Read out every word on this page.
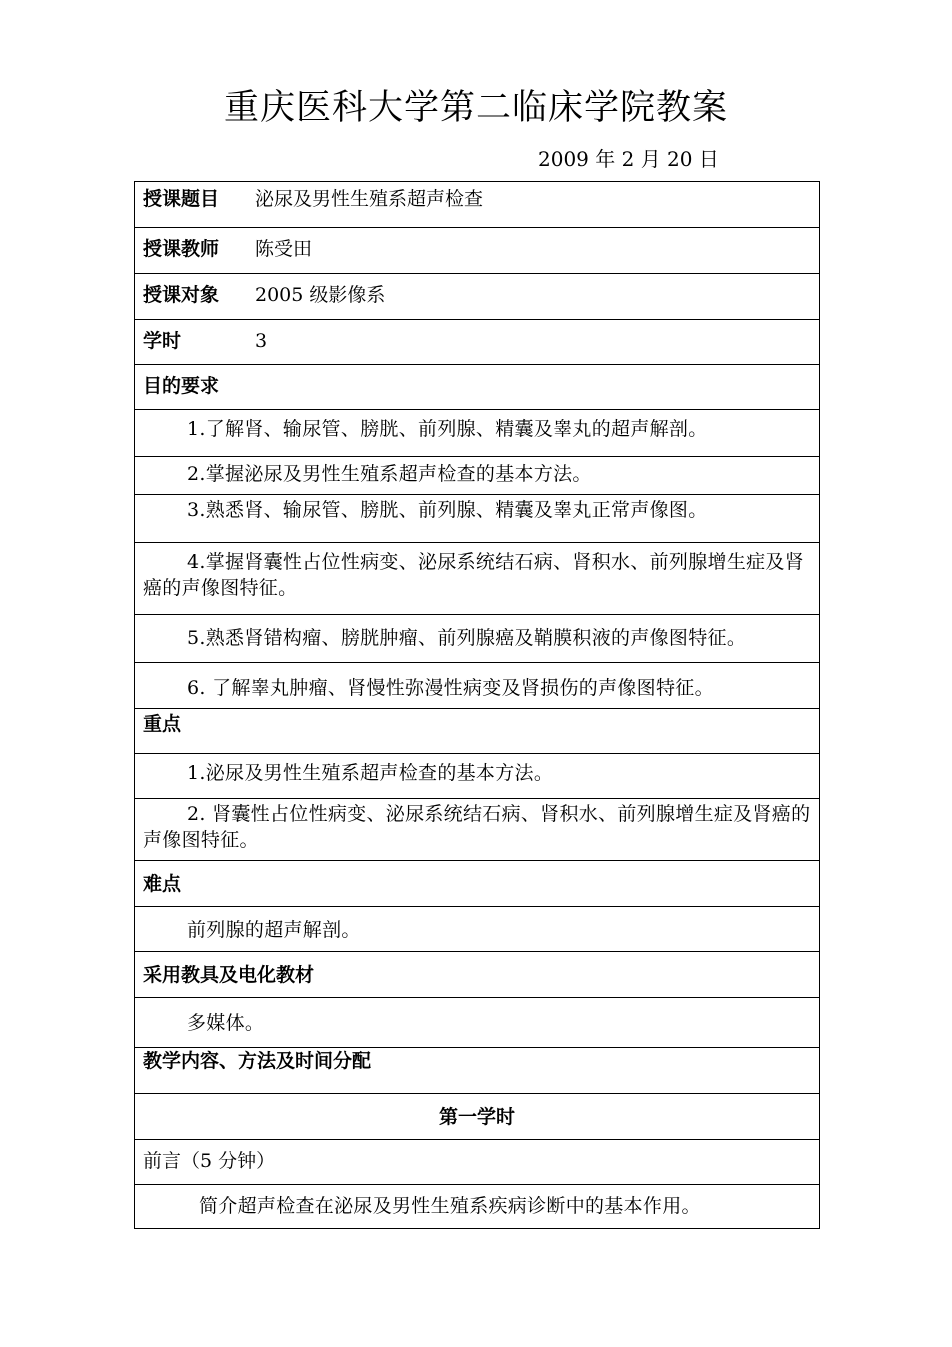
重庆医科大学第二临床学院教案
2009 年 2 月 20 日
授课题目 泌尿及男性生殖系超声检查
授课教师 陈受田
授课对象 2005 级影像系
学时	3
目的要求
1.了解肾、输尿管、膀胱、前列腺、精囊及睾丸的超声解剖。
2.掌握泌尿及男性生殖系超声检查的基本方法。
3.熟悉肾、输尿管、膀胱、前列腺、精囊及睾丸正常声像图。
4.掌握肾囊性占位性病变、泌尿系统结石病、肾积水、前列腺增生症及肾癌的声像图特征。
5.熟悉肾错构瘤、膀胱肿瘤、前列腺癌及鞘膜积液的声像图特征。
6. 了解睾丸肿瘤、肾慢性弥漫性病变及肾损伤的声像图特征。
重点
1.泌尿及男性生殖系超声检查的基本方法。
2. 肾囊性占位性病变、泌尿系统结石病、肾积水、前列腺增生症及肾癌的声像图特征。
难点
前列腺的超声解剖。
采用教具及电化教材
多媒体。
教学内容、方法及时间分配
第一学时
前言（5 分钟）
简介超声检查在泌尿及男性生殖系疾病诊断中的基本作用。
